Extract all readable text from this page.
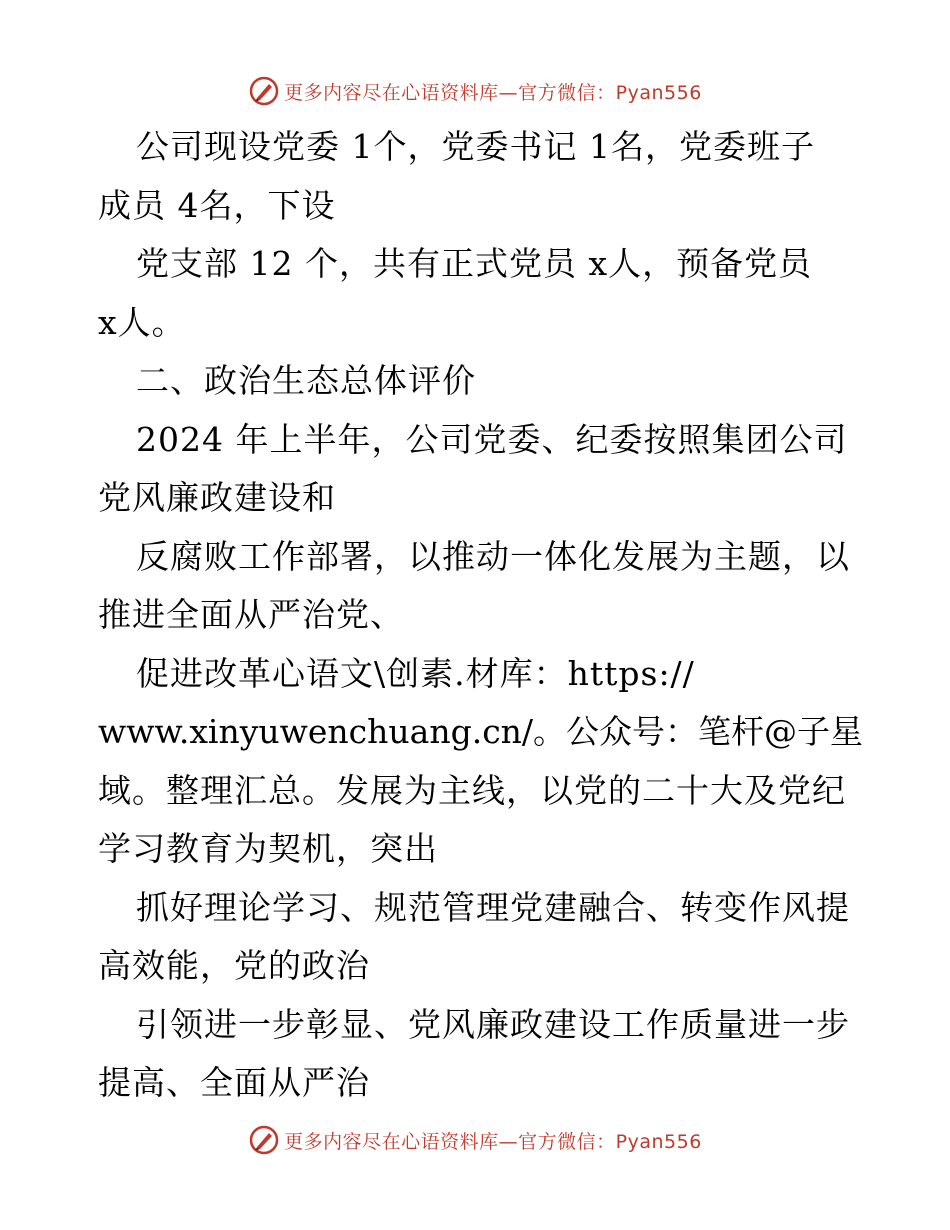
更多内容尽在心语资料库—官方微信：Pyan556
公司现设党委 1个，党委书记 1名，党委班子
成员 4名，下设
党支部 12 个，共有正式党员 x人，预备党员
x人。
二、政治生态总体评价
2024 年上半年，公司党委、纪委按照集团公司
党风廉政建设和
反腐败工作部署，以推动一体化发展为主题，以
推进全面从严治党、
促进改革心语文\创素.材库：https://
www.xinyuwenchuang.cn/。公众号：笔杆@子星
域。整理汇总。发展为主线，以党的二十大及党纪
学习教育为契机，突出
抓好理论学习、规范管理党建融合、转变作风提
高效能，党的政治
引领进一步彰显、党风廉政建设工作质量进一步
提高、全面从严治
更多内容尽在心语资料库—官方微信：Pyan556
